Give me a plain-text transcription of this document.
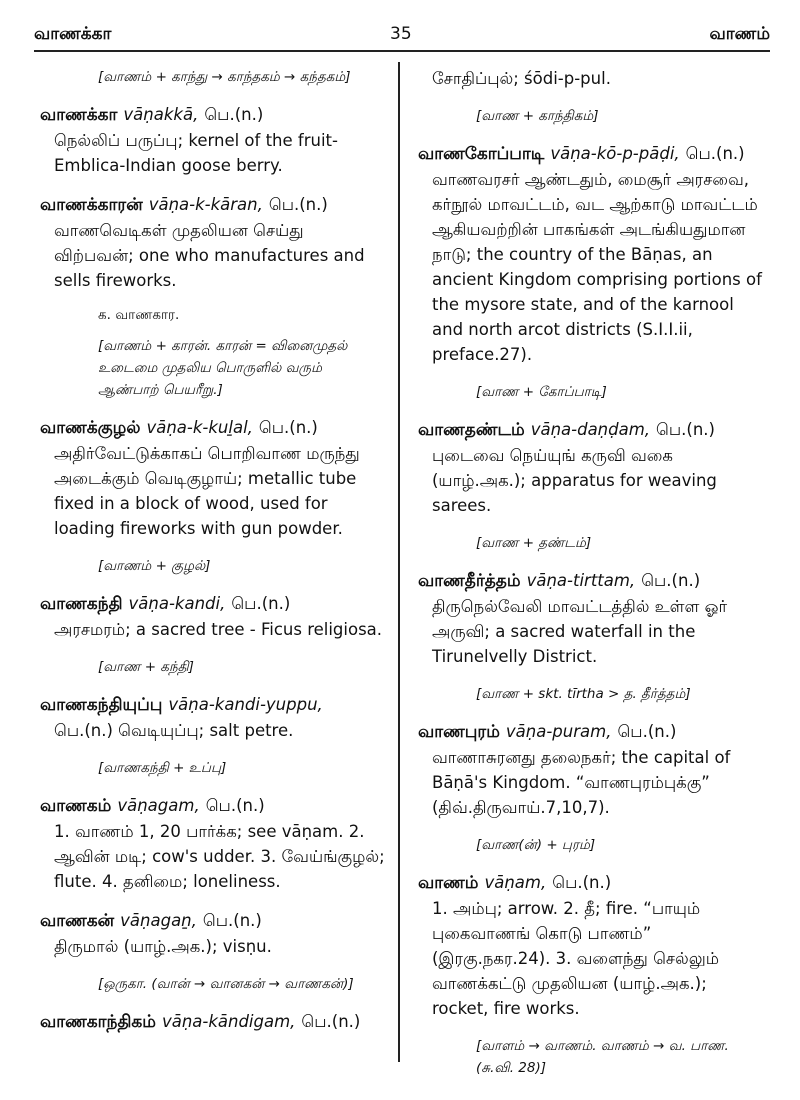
வாணக்கா	35	வாணம்
[வாணம் + காந்து → காந்தகம் → கந்தகம்]
வாணக்கா vāṇakkā, பெ.(n.)
நெல்லிப் பருப்பு; kernel of the fruit-Emblica-Indian goose berry.
வாணக்காரன் vāṇa-k-kāran, பெ.(n.)
வாணவெடிகள் முதலியன செய்து விற்பவன்; one who manufactures and sells fireworks.
க. வாணகார.
[வாணம் + காரன். காரன் = வினைமுதல் உடைமை முதலிய பொருளில் வரும் ஆண்பாற் பெயரீறு.]
வாணக்குழல் vāṇa-k-kuḻal, பெ.(n.)
அதிர்வேட்டுக்காகப் பொறிவாண மருந்து அடைக்கும் வெடிகுழாய்; metallic tube fixed in a block of wood, used for loading fireworks with gun powder.
[வாணம் + குழல்]
வாணகந்தி vāṇa-kandi, பெ.(n.)
அரசமரம்; a sacred tree - Ficus religiosa.
[வாண + கந்தி]
வாணகந்தியுப்பு vāṇa-kandi-yuppu,
பெ.(n.) வெடியுப்பு; salt petre.
[வாணகந்தி + உப்பு]
வாணகம் vāṇagam, பெ.(n.)
1. வாணம் 1, 20 பார்க்க; see vāṇam. 2. ஆவின் மடி; cow's udder. 3. வேய்ங்குழல்; flute. 4. தனிமை; loneliness.
வாணகன் vāṇagaṉ, பெ.(n.)
திருமால் (யாழ்.அக.); visṇu.
[ஒருகா. (வான் → வானகன் → வாணகன்)]
வாணகாந்திகம் vāṇa-kāndigam, பெ.(n.)
சோதிப்புல்; śōdi-p-pul.
[வாண + காந்திகம்]
வாணகோப்பாடி vāṇa-kō-p-pāḍi, பெ.(n.)
வாணவரசர் ஆண்டதும், மைசூர் அரசவை, கர்நூல் மாவட்டம், வட ஆற்காடு மாவட்டம் ஆகியவற்றின் பாகங்கள் அடங்கியதுமான நாடு; the country of the Bāṇas, an ancient Kingdom comprising portions of the mysore state, and of the karnool and north arcot districts (S.I.I.ii, preface.27).
[வாண + கோப்பாடி]
வாணதண்டம் vāṇa-daṇḍam, பெ.(n.)
புடைவை நெய்யுங் கருவி வகை (யாழ்.அக.); apparatus for weaving sarees.
[வாண + தண்டம்]
வாணதீர்த்தம் vāṇa-tirttam, பெ.(n.)
திருநெல்வேலி மாவட்டத்தில் உள்ள ஓர் அருவி; a sacred waterfall in the Tirunelvelly District.
[வாண + skt. tīrtha > த. தீர்த்தம்]
வாணபுரம் vāṇa-puram, பெ.(n.)
வாணாசுரனது தலைநகர்; the capital of Bāṇā's Kingdom. “வாணபுரம்புக்கு” (திவ்.திருவாய்.7,10,7).
[வாண(ன்) + புரம்]
வாணம் vāṇam, பெ.(n.)
1. அம்பு; arrow. 2. தீ; fire. “பாயும் புகைவாணங் கொடு பாணம்” (இரகு.நகர.24). 3. வளைந்து செல்லும் வாணக்கட்டு முதலியன (யாழ்.அக.); rocket, fire works.
[வாளம் → வாணம். வாணம் → வ. பாண. (சு.வி. 28)]
